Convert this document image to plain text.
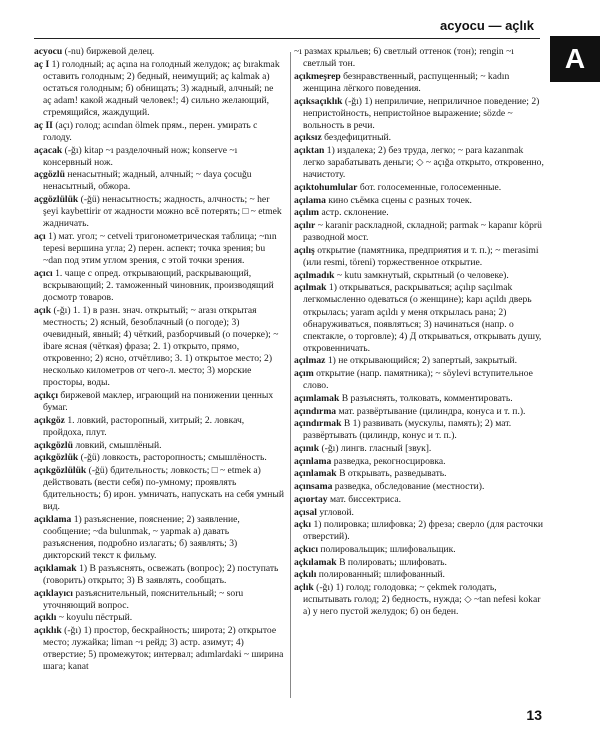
acyocu — açlık
A
acyocu (-nu) биржевой делец.
aç I 1) голодный; aç açına на голодный желудок; aç bırakmak оставить голодным; 2) бедный, неимущий; aç kalmak a) остаться голодным; б) обнищать; 3) жадный, алчный; ne aç adam! какой жадный человек!; 4) сильно желающий, стремящийся, жаждущий.
aç II (açı) голод; acından ölmek прям., перен. умирать с голоду.
açacak (-ğı) kitap ~ı разделочный нож; konserve ~ı консервный нож.
açgözlü ненасытный; жадный, алчный; ~ daya çocuğu ненасытный, обжора.
açgözlülük (-ğü) ненасытность; жадность, алчность; ~ her şeyi kaybettirir от жадности можно всё потерять; □ ~ etmek жадничать.
açı 1) мат. угол; ~ cetveli тригонометрическая таблица; ~nın tepesi вершина угла; 2) перен. аспект; точка зрения; bu ~dan под этим углом зрения, с этой точки зрения.
açıcı 1. чаще с опред. открывающий, раскрывающий, вскрывающий; 2. таможенный чиновник, производящий досмотр товаров.
açık (-ğı) 1. 1) в разн. знач. открытый; ~ araзı открытая местность; 2) ясный, безоблачный (о погоде); 3) очевидный, явный; 4) чёткий, разборчивый (о почерке); ~ ibare ясная (чёткая) фраза; 2. 1) открыто, прямо, откровенно; 2) ясно, отчётливо; 3. 1) открытое место; 2) несколько километров от чего-л. место; 3) морские просторы, воды.
açıkçı биржевой маклер, играющий на понижении ценных бумаг.
açıkgöz 1. ловкий, расторопный, хитрый; 2. ловкач, пройдоха, плут.
açıkgözlü ловкий, смышлёный.
açıkgözlük (-ğü) ловкость, расторопность; смышлёность.
açıkgözlülük (-ğü) бдительность; ловкость; □ ~ etmek a) действовать (вести себя) по-умному; проявлять бдительность; б) ирон. умничать, напускать на себя умный вид.
açıklama 1) разъяснение, пояснение; 2) заявление, сообщение; ~da bulunmak, ~ yapmak a) давать разъяснения, подробно излагать; б) заявлять; 3) дикторский текст к фильму.
açıklamak 1) В разъяснять, освежать (вопрос); 2) поступать (говорить) открыто; 3) В заявлять, сообщать.
açıklayıcı разъяснительный, пояснительный; ~ soru уточняющий вопрос.
açıklı ~ koyulu пёстрый.
açıklık (-ğı) 1) простор, бескрайность; широта; 2) открытое место; лужайка; liman ~ı рейд; 3) астр. азимут; 4) отверстие; 5) промежуток; интервал; adımlardaki ~ ширина шага; kanat
~ı размах крыльев; 6) светлый оттенок (тон); rengin ~ı светлый тон.
açıkmeşrep безнравственный, распущенный; ~ kadın женщина лёгкого поведения.
açıksaçıklık (-ğı) 1) неприличие, неприличное поведение; 2) непристойность, непристойное выражение; sözde ~ вольность в речи.
açıksız бездефицитный.
açıktan 1) издалека; 2) без труда, легко; ~ para kazanmak легко зарабатывать деньги; ◇ ~ açığa открыто, откровенно, начистоту.
açıktohumlular бот. голосеменные, голосеменные.
açılama кино съёмка сцены с разных точек.
açılım астр. склонение.
açılır ~ karanir раскладной, складной; parmak ~ kapanır köprü разводной мост.
açılış открытие (памятника, предприятия и т. п.); ~ merasimi (или resmi, töreni) торжественное открытие.
açılmadık ~ kutu замкнутый, скрытный (о человеке).
açılmak 1) открываться, раскрываться; açılıp saçılmak легкомысленно одеваться (о женщине); kapı açıldı дверь открылась; yaram açıldı у меня открылась рана; 2) обнаруживаться, появляться; 3) начинаться (напр. о спектакле, о торговле); 4) Д открываться, открывать душу, откровенничать.
açılmaz 1) не открывающийся; 2) запертый, закрытый.
açım открытие (напр. памятника); ~ söylevi вступительное слово.
açımlamak В разъяснять, толковать, комментировать.
açındırma мат. развёртывание (цилиндра, конуса и т. п.).
açındırmak В 1) развивать (мускулы, память); 2) мат. развёртывать (цилиндр, конус и т. п.).
açınık (-ğı) лингв. гласный [звук].
açınlama разведка, рекогносцировка.
açınlamak В открывать, разведывать.
açınsama разведка, обследование (местности).
açıortay мат. биссектриса.
açısal угловой.
açkı 1) полировка; шлифовка; 2) фреза; сверло (для расточки отверстий).
açkıcı полировальщик; шлифовальщик.
açkılamak В полировать; шлифовать.
açkılı полированный; шлифованный.
açlık (-ğı) 1) голод; голодовка; ~ çekmek голодать, испытывать голод; 2) бедность, нужда; ◇ ~tan nefesi kokar a) у него пустой желудок; б) он беден.
13
